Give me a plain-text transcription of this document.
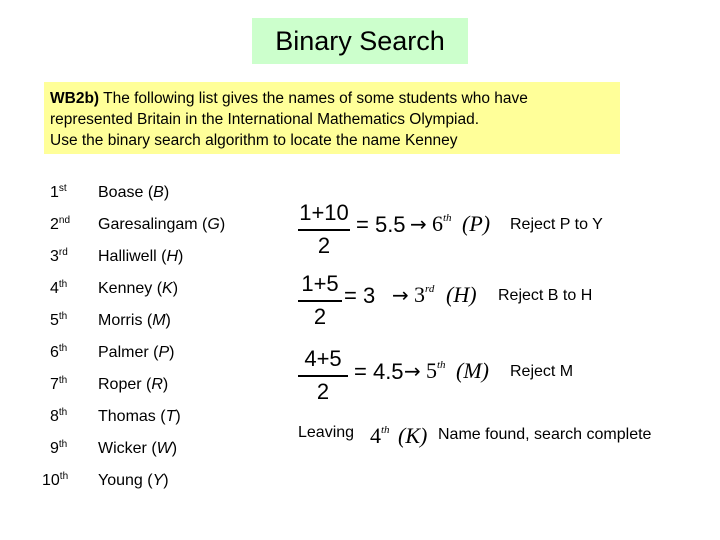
Binary Search
WB2b) The following list gives the names of some students who have
represented Britain in the International Mathematics Olympiad.
Use the binary search algorithm to locate the name Kenney
1st Boase (B)
2nd Garesalingam (G)
3rd Halliwell (H)
4th Kenney (K)
5th Morris (M)
6th Palmer (P)
7th Roper (R)
8th Thomas (T)
9th Wicker (W)
10th Young (Y)
1+10
2
= 5.5 → 6th (P) Reject P to Y
1+5
2
= 3 → 3rd (H) Reject B to H
4+5
2
= 4.5 → 5th (M) Reject M
Leaving 4th (K) Name found, search complete
